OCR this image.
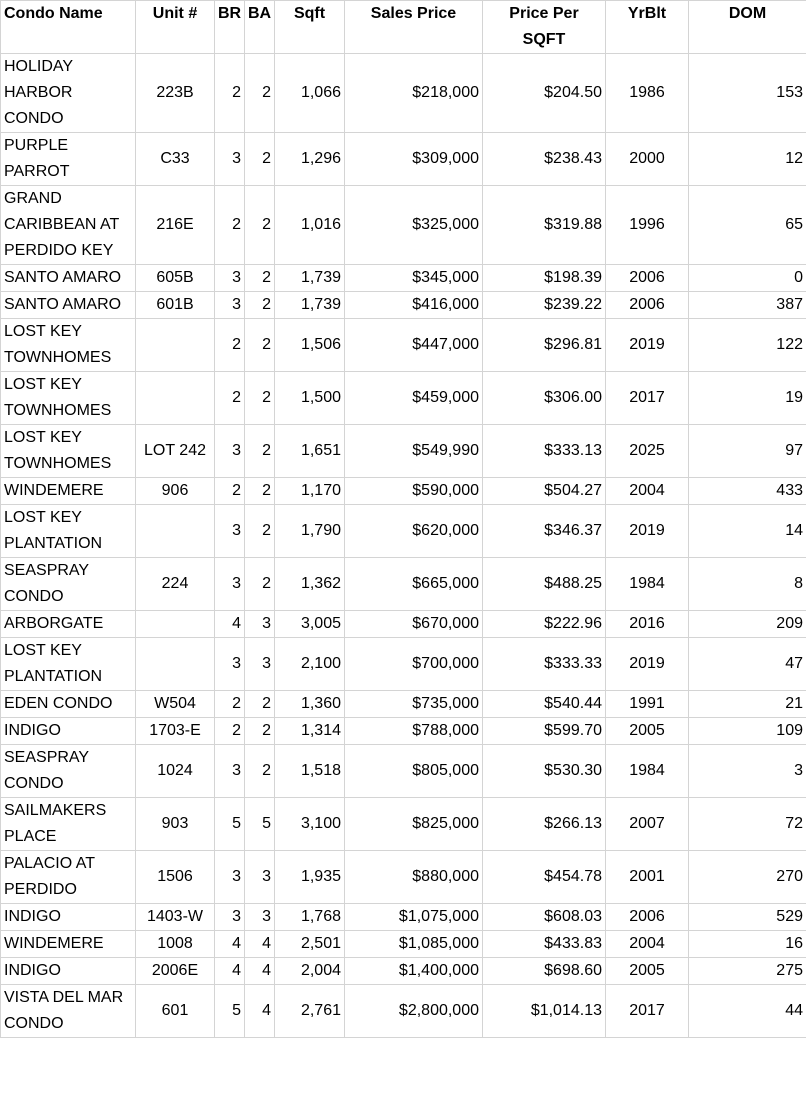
Condo Name	Unit #	BR	BA	Sqft	Sales Price	Price Per SQFT	YrBlt	DOM
HOLIDAY HARBOR CONDO	223B	2	2	1,066	$218,000	$204.50	1986	153
PURPLE PARROT	C33	3	2	1,296	$309,000	$238.43	2000	12
GRAND CARIBBEAN AT PERDIDO KEY	216E	2	2	1,016	$325,000	$319.88	1996	65
SANTO AMARO	605B	3	2	1,739	$345,000	$198.39	2006	0
SANTO AMARO	601B	3	2	1,739	$416,000	$239.22	2006	387
LOST KEY TOWNHOMES		2	2	1,506	$447,000	$296.81	2019	122
LOST KEY TOWNHOMES		2	2	1,500	$459,000	$306.00	2017	19
LOST KEY TOWNHOMES	LOT 242	3	2	1,651	$549,990	$333.13	2025	97
WINDEMERE	906	2	2	1,170	$590,000	$504.27	2004	433
LOST KEY PLANTATION		3	2	1,790	$620,000	$346.37	2019	14
SEASPRAY CONDO	224	3	2	1,362	$665,000	$488.25	1984	8
ARBORGATE		4	3	3,005	$670,000	$222.96	2016	209
LOST KEY PLANTATION		3	3	2,100	$700,000	$333.33	2019	47
EDEN CONDO	W504	2	2	1,360	$735,000	$540.44	1991	21
INDIGO	1703-E	2	2	1,314	$788,000	$599.70	2005	109
SEASPRAY CONDO	1024	3	2	1,518	$805,000	$530.30	1984	3
SAILMAKERS PLACE	903	5	5	3,100	$825,000	$266.13	2007	72
PALACIO AT PERDIDO	1506	3	3	1,935	$880,000	$454.78	2001	270
INDIGO	1403-W	3	3	1,768	$1,075,000	$608.03	2006	529
WINDEMERE	1008	4	4	2,501	$1,085,000	$433.83	2004	16
INDIGO	2006E	4	4	2,004	$1,400,000	$698.60	2005	275
VISTA DEL MAR CONDO	601	5	4	2,761	$2,800,000	$1,014.13	2017	44
